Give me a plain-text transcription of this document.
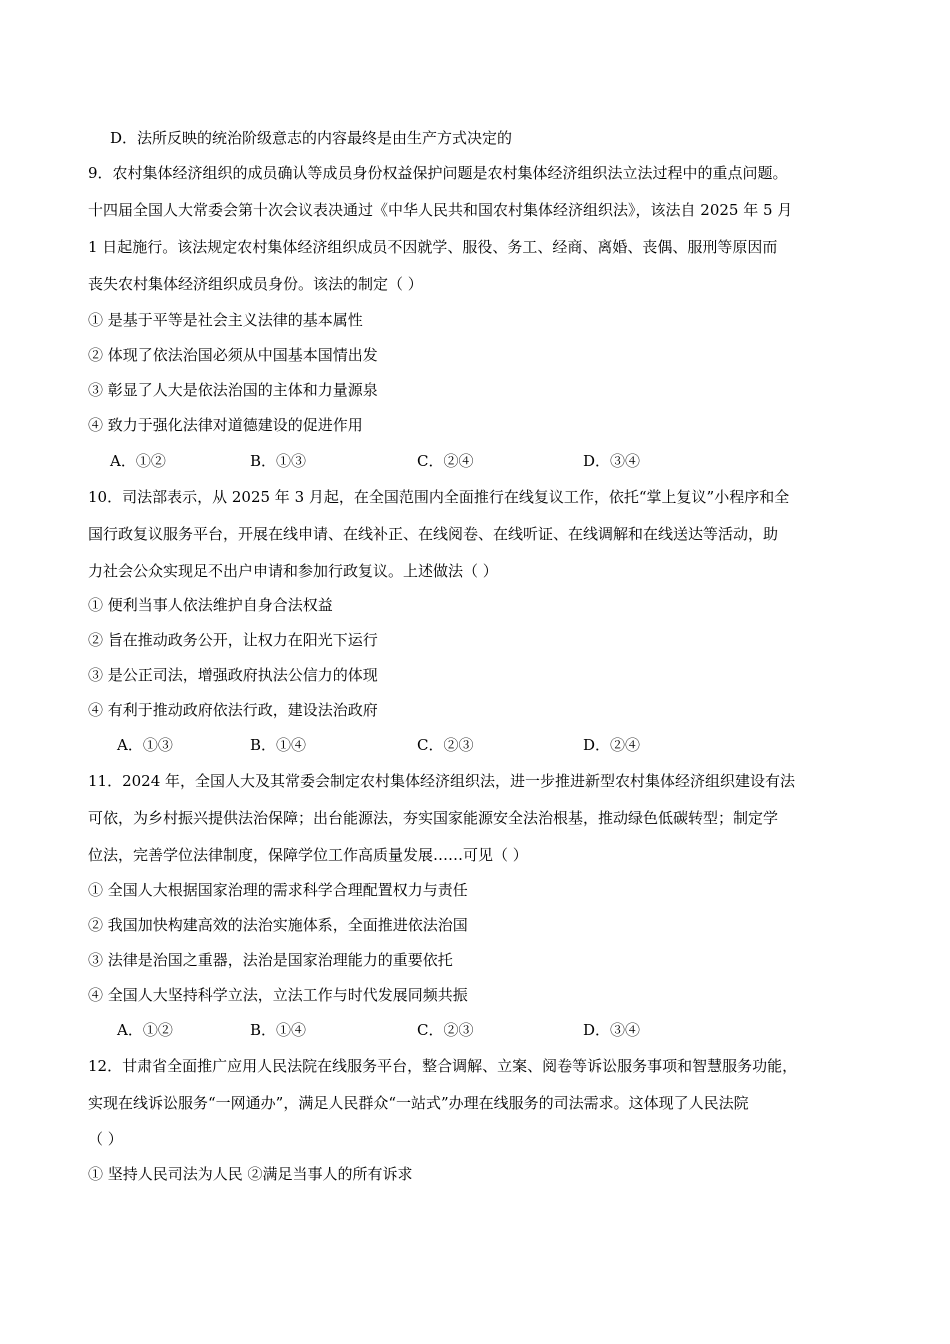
D．法所反映的统治阶级意志的内容最终是由生产方式决定的
9．农村集体经济组织的成员确认等成员身份权益保护问题是农村集体经济组织法立法过程中的重点问题。
十四届全国人大常委会第十次会议表决通过《中华人民共和国农村集体经济组织法》，该法自 2025 年 5 月
1 日起施行。该法规定农村集体经济组织成员不因就学、服役、务工、经商、离婚、丧偶、服刑等原因而
丧失农村集体经济组织成员身份。该法的制定（ ）
① 是基于平等是社会主义法律的基本属性
② 体现了依法治国必须从中国基本国情出发
③ 彰显了人大是依法治国的主体和力量源泉
④ 致力于强化法律对道德建设的促进作用
A．①②	B．①③	C．②④	D．③④
10．司法部表示，从 2025 年 3 月起，在全国范围内全面推行在线复议工作，依托“掌上复议”小程序和全
国行政复议服务平台，开展在线申请、在线补正、在线阅卷、在线听证、在线调解和在线送达等活动，助
力社会公众实现足不出户申请和参加行政复议。上述做法（ ）
① 便利当事人依法维护自身合法权益
② 旨在推动政务公开，让权力在阳光下运行
③ 是公正司法，增强政府执法公信力的体现
④ 有利于推动政府依法行政，建设法治政府
A．①③	B．①④	C．②③	D．②④
11．2024 年，全国人大及其常委会制定农村集体经济组织法，进一步推进新型农村集体经济组织建设有法
可依，为乡村振兴提供法治保障；出台能源法，夯实国家能源安全法治根基，推动绿色低碳转型；制定学
位法，完善学位法律制度，保障学位工作高质量发展……可见（ ）
① 全国人大根据国家治理的需求科学合理配置权力与责任
② 我国加快构建高效的法治实施体系，全面推进依法治国
③ 法律是治国之重器，法治是国家治理能力的重要依托
④ 全国人大坚持科学立法，立法工作与时代发展同频共振
A．①②	B．①④	C．②③	D．③④
12．甘肃省全面推广应用人民法院在线服务平台，整合调解、立案、阅卷等诉讼服务事项和智慧服务功能，
实现在线诉讼服务“一网通办”，满足人民群众“一站式”办理在线服务的司法需求。这体现了人民法院
（ ）
① 坚持人民司法为人民 ②满足当事人的所有诉求
